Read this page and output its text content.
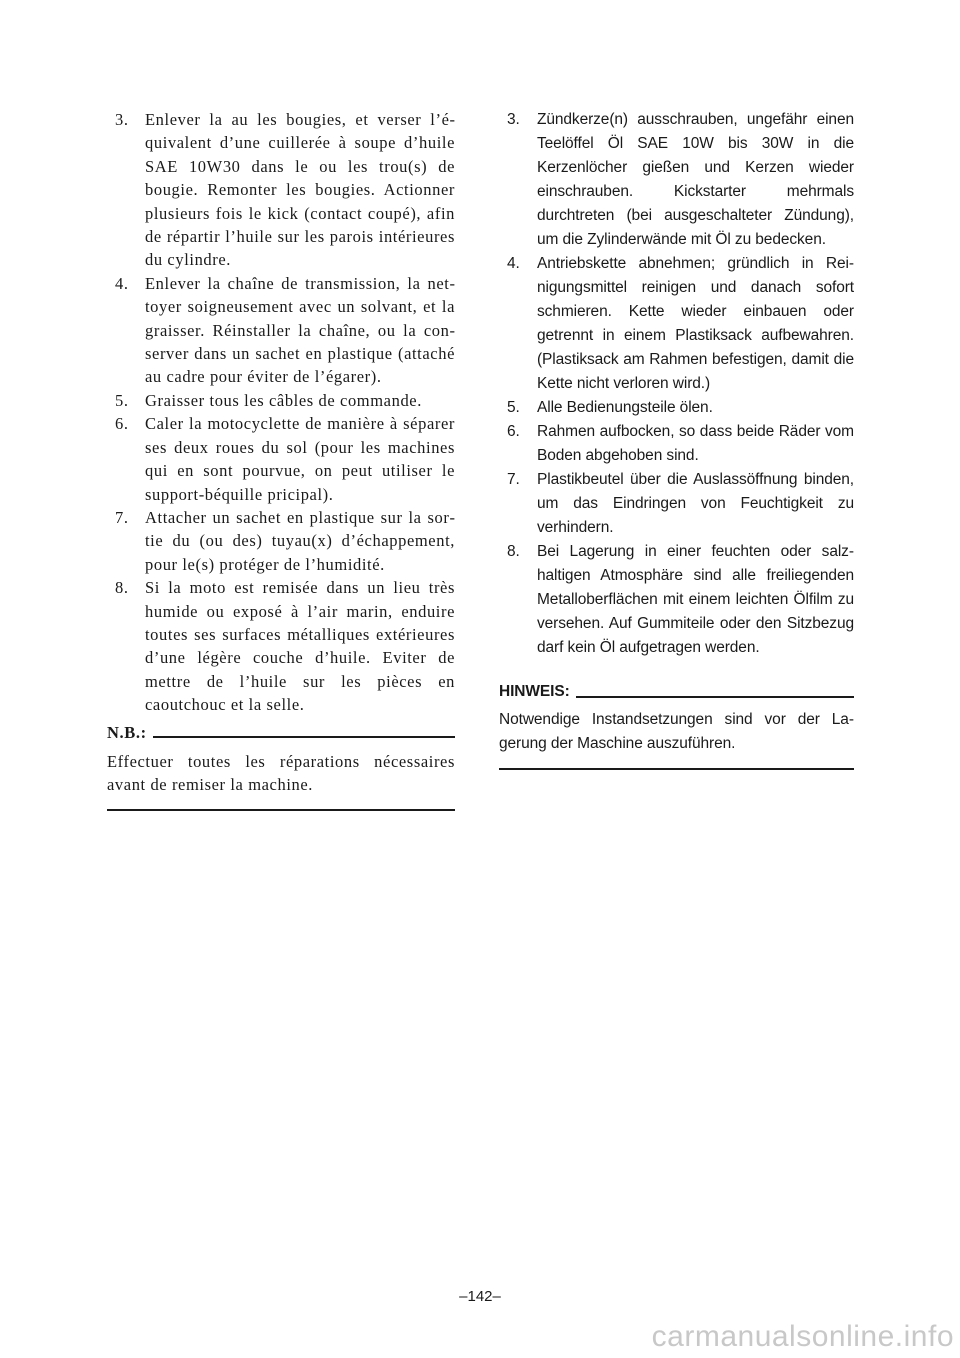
3. Enlever la au les bougies, et verser l’équivalent d’une cuillerée à soupe d’huile SAE 10W30 dans le ou les trou(s) de bougie. Remonter les bougies. Actionner plusieurs fois le kick (contact coupé), afin de répartir l’huile sur les parois intérieures du cylindre.
4. Enlever la chaîne de transmission, la nettoyer soigneusement avec un solvant, et la graisser. Réinstaller la chaîne, ou la conserver dans un sachet en plastique (attaché au cadre pour éviter de l’égarer).
5. Graisser tous les câbles de commande.
6. Caler la motocyclette de manière à séparer ses deux roues du sol (pour les machines qui en sont pourvue, on peut utiliser le support-béquille pricipal).
7. Attacher un sachet en plastique sur la sortie du (ou des) tuyau(x) d’échappement, pour le(s) protéger de l’humidité.
8. Si la moto est remisée dans un lieu très humide ou exposé à l’air marin, enduire toutes ses surfaces métalliques extérieures d’une légère couche d’huile. Eviter de mettre de l’huile sur les pièces en caoutchouc et la selle.
N.B.:

Effectuer toutes les réparations nécessaires avant de remiser la machine.

3. Zündkerze(n) ausschrauben, ungefähr einen Teelöffel Öl SAE 10W bis 30W in die Kerzenlöcher gießen und Kerzen wieder einschrauben. Kickstarter mehrmals durchtreten (bei ausgeschalteter Zündung), um die Zylinderwände mit Öl zu bedecken.
4. Antriebskette abnehmen; gründlich in Reinigungsmittel reinigen und danach sofort schmieren. Kette wieder einbauen oder getrennt in einem Plastiksack aufbewahren. (Plastiksack am Rahmen befestigen, damit die Kette nicht verloren wird.)
5. Alle Bedienungsteile ölen.
6. Rahmen aufbocken, so dass beide Räder vom Boden abgehoben sind.
7. Plastikbeutel über die Auslassöffnung binden, um das Eindringen von Feuchtigkeit zu verhindern.
8. Bei Lagerung in einer feuchten oder salzhaltigen Atmosphäre sind alle freiliegenden Metalloberflächen mit einem leichten Ölfilm zu versehen. Auf Gummiteile oder den Sitzbezug darf kein Öl aufgetragen werden.
HINWEIS:

Notwendige Instandsetzungen sind vor der Lagerung der Maschine auszuführen.

–142–
carmanualsonline.info
